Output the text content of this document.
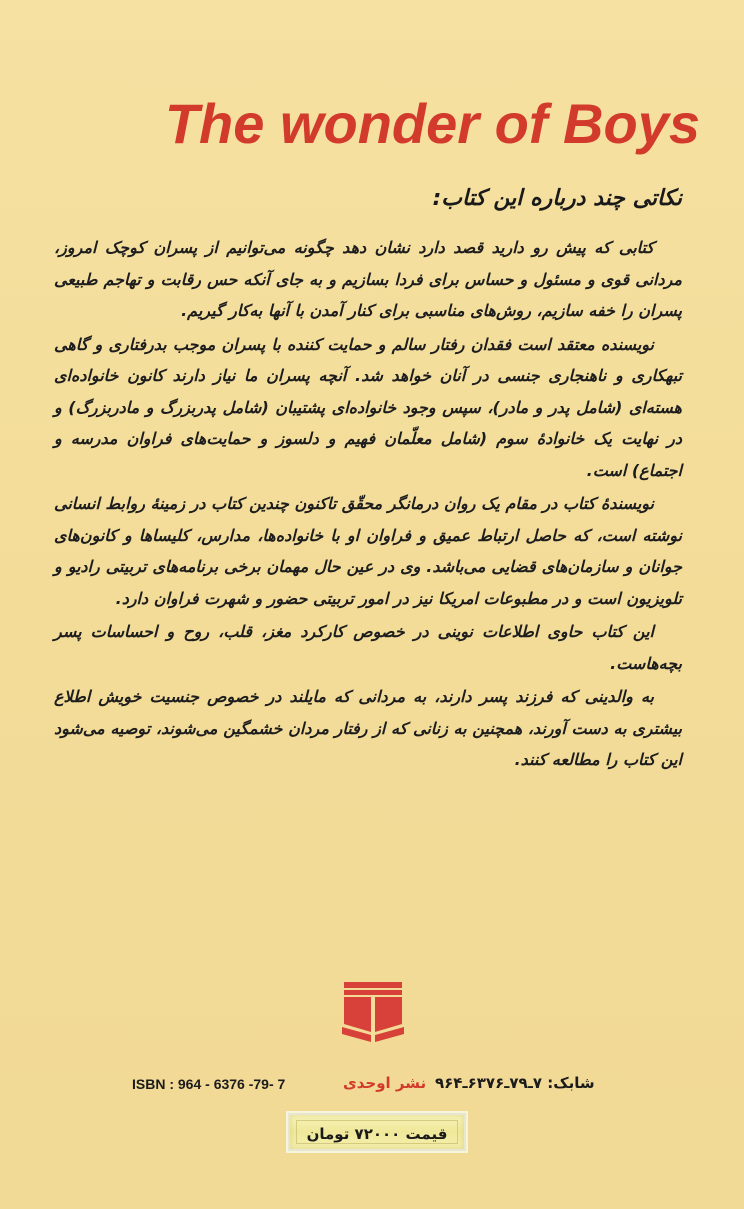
The wonder of Boys
نکاتی چند درباره این کتاب:

کتابی که پیش رو دارید قصد دارد نشان دهد چگونه می‌توانیم از پسران کوچک امروز، مردانی قوی و مسئول و حساس برای فردا بسازیم و به جای آنکه حس رقابت و تهاجم طبیعی پسران را خفه سازیم، روش‌های مناسبی برای کنار آمدن با آنها به‌کار گیریم.

نویسنده معتقد است فقدان رفتار سالم و حمایت کننده با پسران موجب بدرفتاری و گاهی تبهکاری و ناهنجاری جنسی در آنان خواهد شد. آنچه پسران ما نیاز دارند کانون خانواده‌ای هسته‌ای (شامل پدر و مادر)، سپس وجود خانواده‌ای پشتیبان (شامل پدربزرگ و مادربزرگ) و در نهایت یک خانوادهٔ سوم (شامل معلّمان فهیم و دلسوز و حمایت‌های فراوان مدرسه و اجتماع) است.

نویسندهٔ کتاب در مقام یک روان درمانگر محقّق تاکنون چندین کتاب در زمینهٔ روابط انسانی نوشته است، که حاصل ارتباط عمیق و فراوان او با خانواده‌ها، مدارس، کلیساها و کانون‌های جوانان و سازمان‌های قضایی می‌باشد. وی در عین حال مهمان برخی برنامه‌های تربیتی رادیو و تلویزیون است و در مطبوعات امریکا نیز در امور تربیتی حضور و شهرت فراوان دارد.

این کتاب حاوی اطلاعات نوینی در خصوص کارکرد مغز، قلب، روح و احساسات پسر بچه‌هاست.

به والدینی که فرزند پسر دارند، به مردانی که مایلند در خصوص جنسیت خویش اطلاع بیشتری به دست آورند، همچنین به زنانی که از رفتار مردان خشمگین می‌شوند، توصیه می‌شود این کتاب را مطالعه کنند.

ISBN : 964 - 6376 -79- 7	نشر اوحدی شابک: ۷ـ۷۹ـ۶۳۷۶ـ۹۶۴
قیمت ۷۲۰۰۰ تومان
